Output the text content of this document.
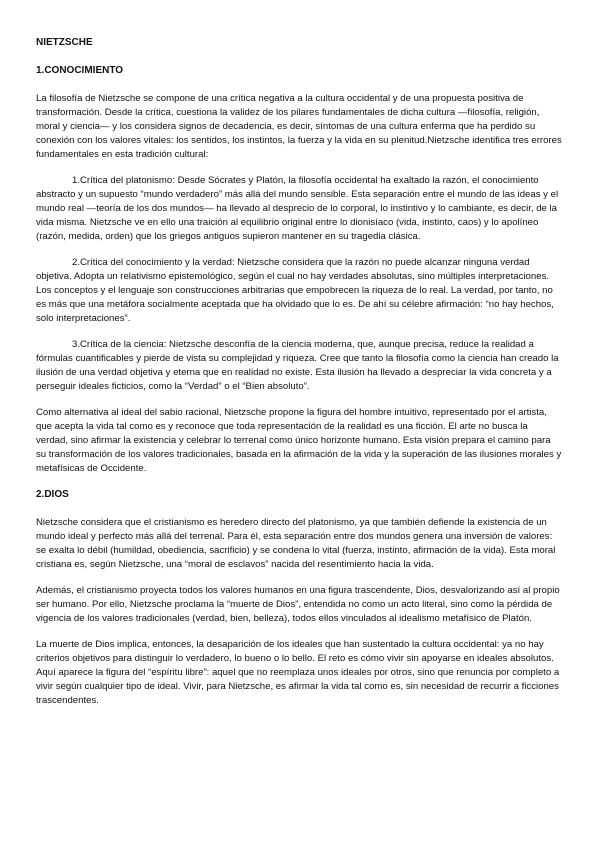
NIETZSCHE
1.CONOCIMIENTO

La filosofía de Nietzsche se compone de una crítica negativa a la cultura occidental y de una propuesta positiva de transformación. Desde la crítica, cuestiona la validez de los pilares fundamentales de dicha cultura —filosofía, religión, moral y ciencia— y los considera signos de decadencia, es decir, síntomas de una cultura enferma que ha perdido su conexión con los valores vitales: los sentidos, los instintos, la fuerza y la vida en su plenitud.Nietzsche identifica tres errores fundamentales en esta tradición cultural:

1.Crítica del platonismo: Desde Sócrates y Platón, la filosofía occidental ha exaltado la razón, el conocimiento abstracto y un supuesto “mundo verdadero” más allá del mundo sensible. Esta separación entre el mundo de las ideas y el mundo real —teoría de los dos mundos— ha llevado al desprecio de lo corporal, lo instintivo y lo cambiante, es decir, de la vida misma. Nietzsche ve en ello una traición al equilibrio original entre lo dionisíaco (vida, instinto, caos) y lo apolíneo (razón, medida, orden) que los griegos antiguos supieron mantener en su tragedia clásica.

2.Crítica del conocimiento y la verdad: Nietzsche considera que la razón no puede alcanzar ninguna verdad objetiva. Adopta un relativismo epistemológico, según el cual no hay verdades absolutas, sino múltiples interpretaciones. Los conceptos y el lenguaje son construcciones arbitrarias que empobrecen la riqueza de lo real. La verdad, por tanto, no es más que una metáfora socialmente aceptada que ha olvidado que lo es. De ahí su célebre afirmación: “no hay hechos, solo interpretaciones”.

3.Crítica de la ciencia: Nietzsche desconfía de la ciencia moderna, que, aunque precisa, reduce la realidad a fórmulas cuantificables y pierde de vista su complejidad y riqueza. Cree que tanto la filosofía como la ciencia han creado la ilusión de una verdad objetiva y eterna que en realidad no existe. Esta ilusión ha llevado a despreciar la vida concreta y a perseguir ideales ficticios, como la “Verdad” o el “Bien absoluto”.

Como alternativa al ideal del sabio racional, Nietzsche propone la figura del hombre intuitivo, representado por el artista, que acepta la vida tal como es y reconoce que toda representación de la realidad es una ficción. El arte no busca la verdad, sino afirmar la existencia y celebrar lo terrenal como único horizonte humano. Esta visión prepara el camino para su transformación de los valores tradicionales, basada en la afirmación de la vida y la superación de las ilusiones morales y metafísicas de Occidente.

2.DIOS

Nietzsche considera que el cristianismo es heredero directo del platonismo, ya que también defiende la existencia de un mundo ideal y perfecto más allá del terrenal. Para él, esta separación entre dos mundos genera una inversión de valores: se exalta lo débil (humildad, obediencia, sacrificio) y se condena lo vital (fuerza, instinto, afirmación de la vida). Esta moral cristiana es, según Nietzsche, una “moral de esclavos” nacida del resentimiento hacia la vida.

Además, el cristianismo proyecta todos los valores humanos en una figura trascendente, Dios, desvalorizando así al propio ser humano. Por ello, Nietzsche proclama la “muerte de Dios”, entendida no como un acto literal, sino como la pérdida de vigencia de los valores tradicionales (verdad, bien, belleza), todos ellos vinculados al idealismo metafísico de Platón.

La muerte de Dios implica, entonces, la desaparición de los ideales que han sustentado la cultura occidental: ya no hay criterios objetivos para distinguir lo verdadero, lo bueno o lo bello. El reto es cómo vivir sin apoyarse en ideales absolutos. Aquí aparece la figura del “espíritu libre”: aquel que no reemplaza unos ideales por otros, sino que renuncia por completo a vivir según cualquier tipo de ideal. Vivir, para Nietzsche, es afirmar la vida tal como es, sin necesidad de recurrir a ficciones trascendentes.
